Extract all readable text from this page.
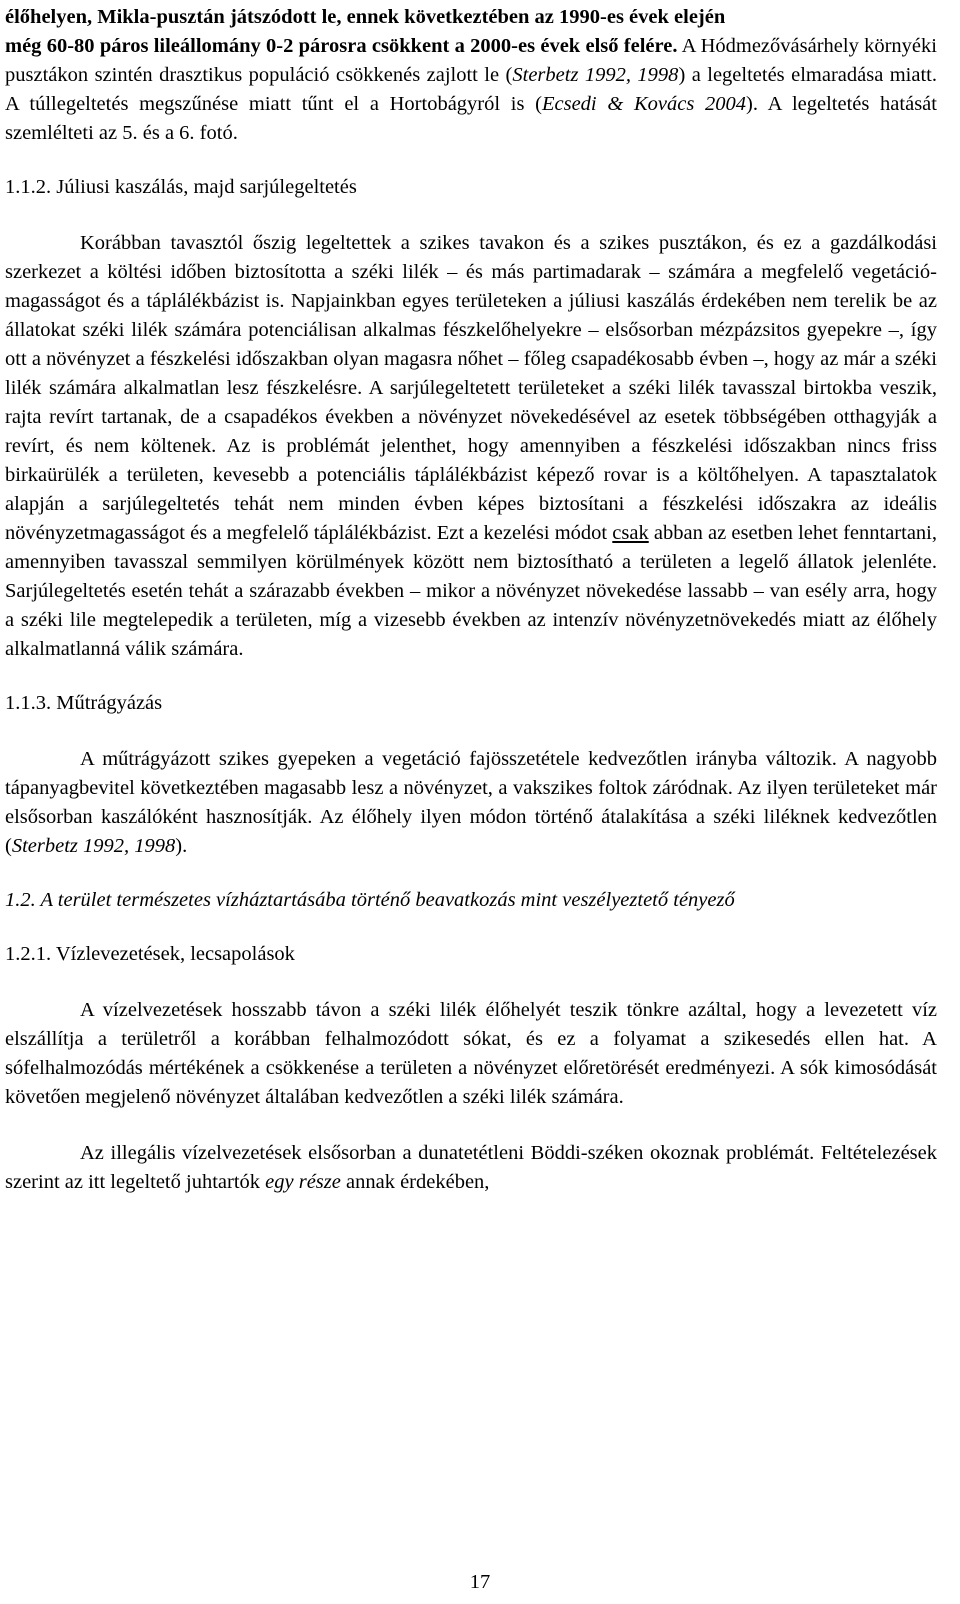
élőhelyen, Mikla-pusztán játszódott le, ennek következtében az 1990-es évek elején
még 60-80 páros lileállomány 0-2 párosra csökkent a 2000-es évek első felére. A Hódmezővásárhely környéki pusztákon szintén drasztikus populáció csökkenés zajlott le (Sterbetz 1992, 1998) a legeltetés elmaradása miatt. A túllegeltetés megszűnése miatt tűnt el a Hortobágyról is (Ecsedi & Kovács 2004). A legeltetés hatását szemlélteti az 5. és a 6. fotó.

1.1.2. Júliusi kaszálás, majd sarjúlegeltetés

Korábban tavasztól őszig legeltettek a szikes tavakon és a szikes pusztákon, és ez a gazdálkodási szerkezet a költési időben biztosította a széki lilék – és más partimadarak – számára a megfelelő vegetáció-magasságot és a táplálékbázist is. Napjainkban egyes területeken a júliusi kaszálás érdekében nem terelik be az állatokat széki lilék számára potenciálisan alkalmas fészkelőhelyekre – elsősorban mézpázsitos gyepekre –, így ott a növényzet a fészkelési időszakban olyan magasra nőhet – főleg csapadékosabb évben –, hogy az már a széki lilék számára alkalmatlan lesz fészkelésre. A sarjúlegeltetett területeket a széki lilék tavasszal birtokba veszik, rajta revírt tartanak, de a csapadékos években a növényzet növekedésével az esetek többségében otthagyják a revírt, és nem költenek. Az is problémát jelenthet, hogy amennyiben a fészkelési időszakban nincs friss birkaürülék a területen, kevesebb a potenciális táplálékbázist képező rovar is a költőhelyen. A tapasztalatok alapján a sarjúlegeltetés tehát nem minden évben képes biztosítani a fészkelési időszakra az ideális növényzetmagasságot és a megfelelő táplálékbázist. Ezt a kezelési módot csak abban az esetben lehet fenntartani, amennyiben tavasszal semmilyen körülmények között nem biztosítható a területen a legelő állatok jelenléte. Sarjúlegeltetés esetén tehát a szárazabb években – mikor a növényzet növekedése lassabb – van esély arra, hogy a széki lile megtelepedik a területen, míg a vizesebb években az intenzív növényzetnövekedés miatt az élőhely alkalmatlanná válik számára.

1.1.3. Műtrágyázás

A műtrágyázott szikes gyepeken a vegetáció fajösszetétele kedvezőtlen irányba változik. A nagyobb tápanyagbevitel következtében magasabb lesz a növényzet, a vakszikes foltok záródnak. Az ilyen területeket már elsősorban kaszálóként hasznosítják. Az élőhely ilyen módon történő átalakítása a széki liléknek kedvezőtlen (Sterbetz 1992, 1998).

1.2. A terület természetes vízháztartásába történő beavatkozás mint veszélyeztető tényező
1.2.1. Vízlevezetések, lecsapolások

A vízelvezetések hosszabb távon a széki lilék élőhelyét teszik tönkre azáltal, hogy a levezetett víz elszállítja a területről a korábban felhalmozódott sókat, és ez a folyamat a szikesedés ellen hat. A sófelhalmozódás mértékének a csökkenése a területen a növényzet előretörését eredményezi. A sók kimosódását követően megjelenő növényzet általában kedvezőtlen a széki lilék számára.

Az illegális vízelvezetések elsősorban a dunatetétleni Böddi-széken okoznak problémát. Feltételezések szerint az itt legeltető juhtartók egy része annak érdekében,

17
